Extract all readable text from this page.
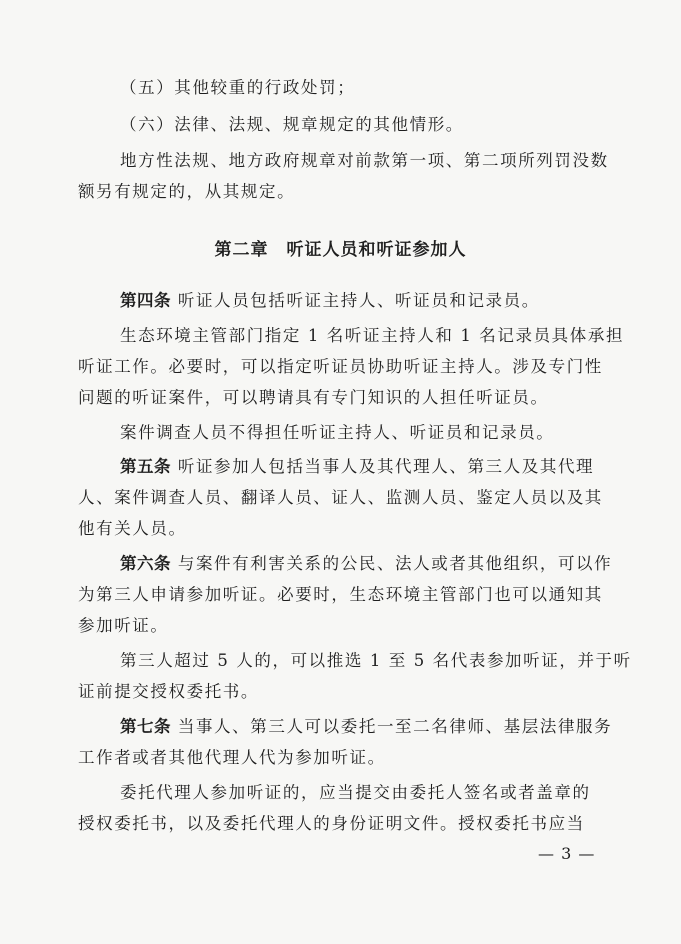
（五）其他较重的行政处罚；
（六）法律、法规、规章规定的其他情形。
地方性法规、地方政府规章对前款第一项、第二项所列罚没数
额另有规定的，从其规定。
第二章　听证人员和听证参加人
第四条 听证人员包括听证主持人、听证员和记录员。
生态环境主管部门指定 1 名听证主持人和 1 名记录员具体承担
听证工作。必要时，可以指定听证员协助听证主持人。涉及专门性
问题的听证案件，可以聘请具有专门知识的人担任听证员。
案件调查人员不得担任听证主持人、听证员和记录员。
第五条 听证参加人包括当事人及其代理人、第三人及其代理
人、案件调查人员、翻译人员、证人、监测人员、鉴定人员以及其
他有关人员。
第六条 与案件有利害关系的公民、法人或者其他组织，可以作
为第三人申请参加听证。必要时，生态环境主管部门也可以通知其
参加听证。
第三人超过 5 人的，可以推选 1 至 5 名代表参加听证，并于听
证前提交授权委托书。
第七条 当事人、第三人可以委托一至二名律师、基层法律服务
工作者或者其他代理人代为参加听证。
委托代理人参加听证的，应当提交由委托人签名或者盖章的
授权委托书，以及委托代理人的身份证明文件。授权委托书应当
— 3 —
